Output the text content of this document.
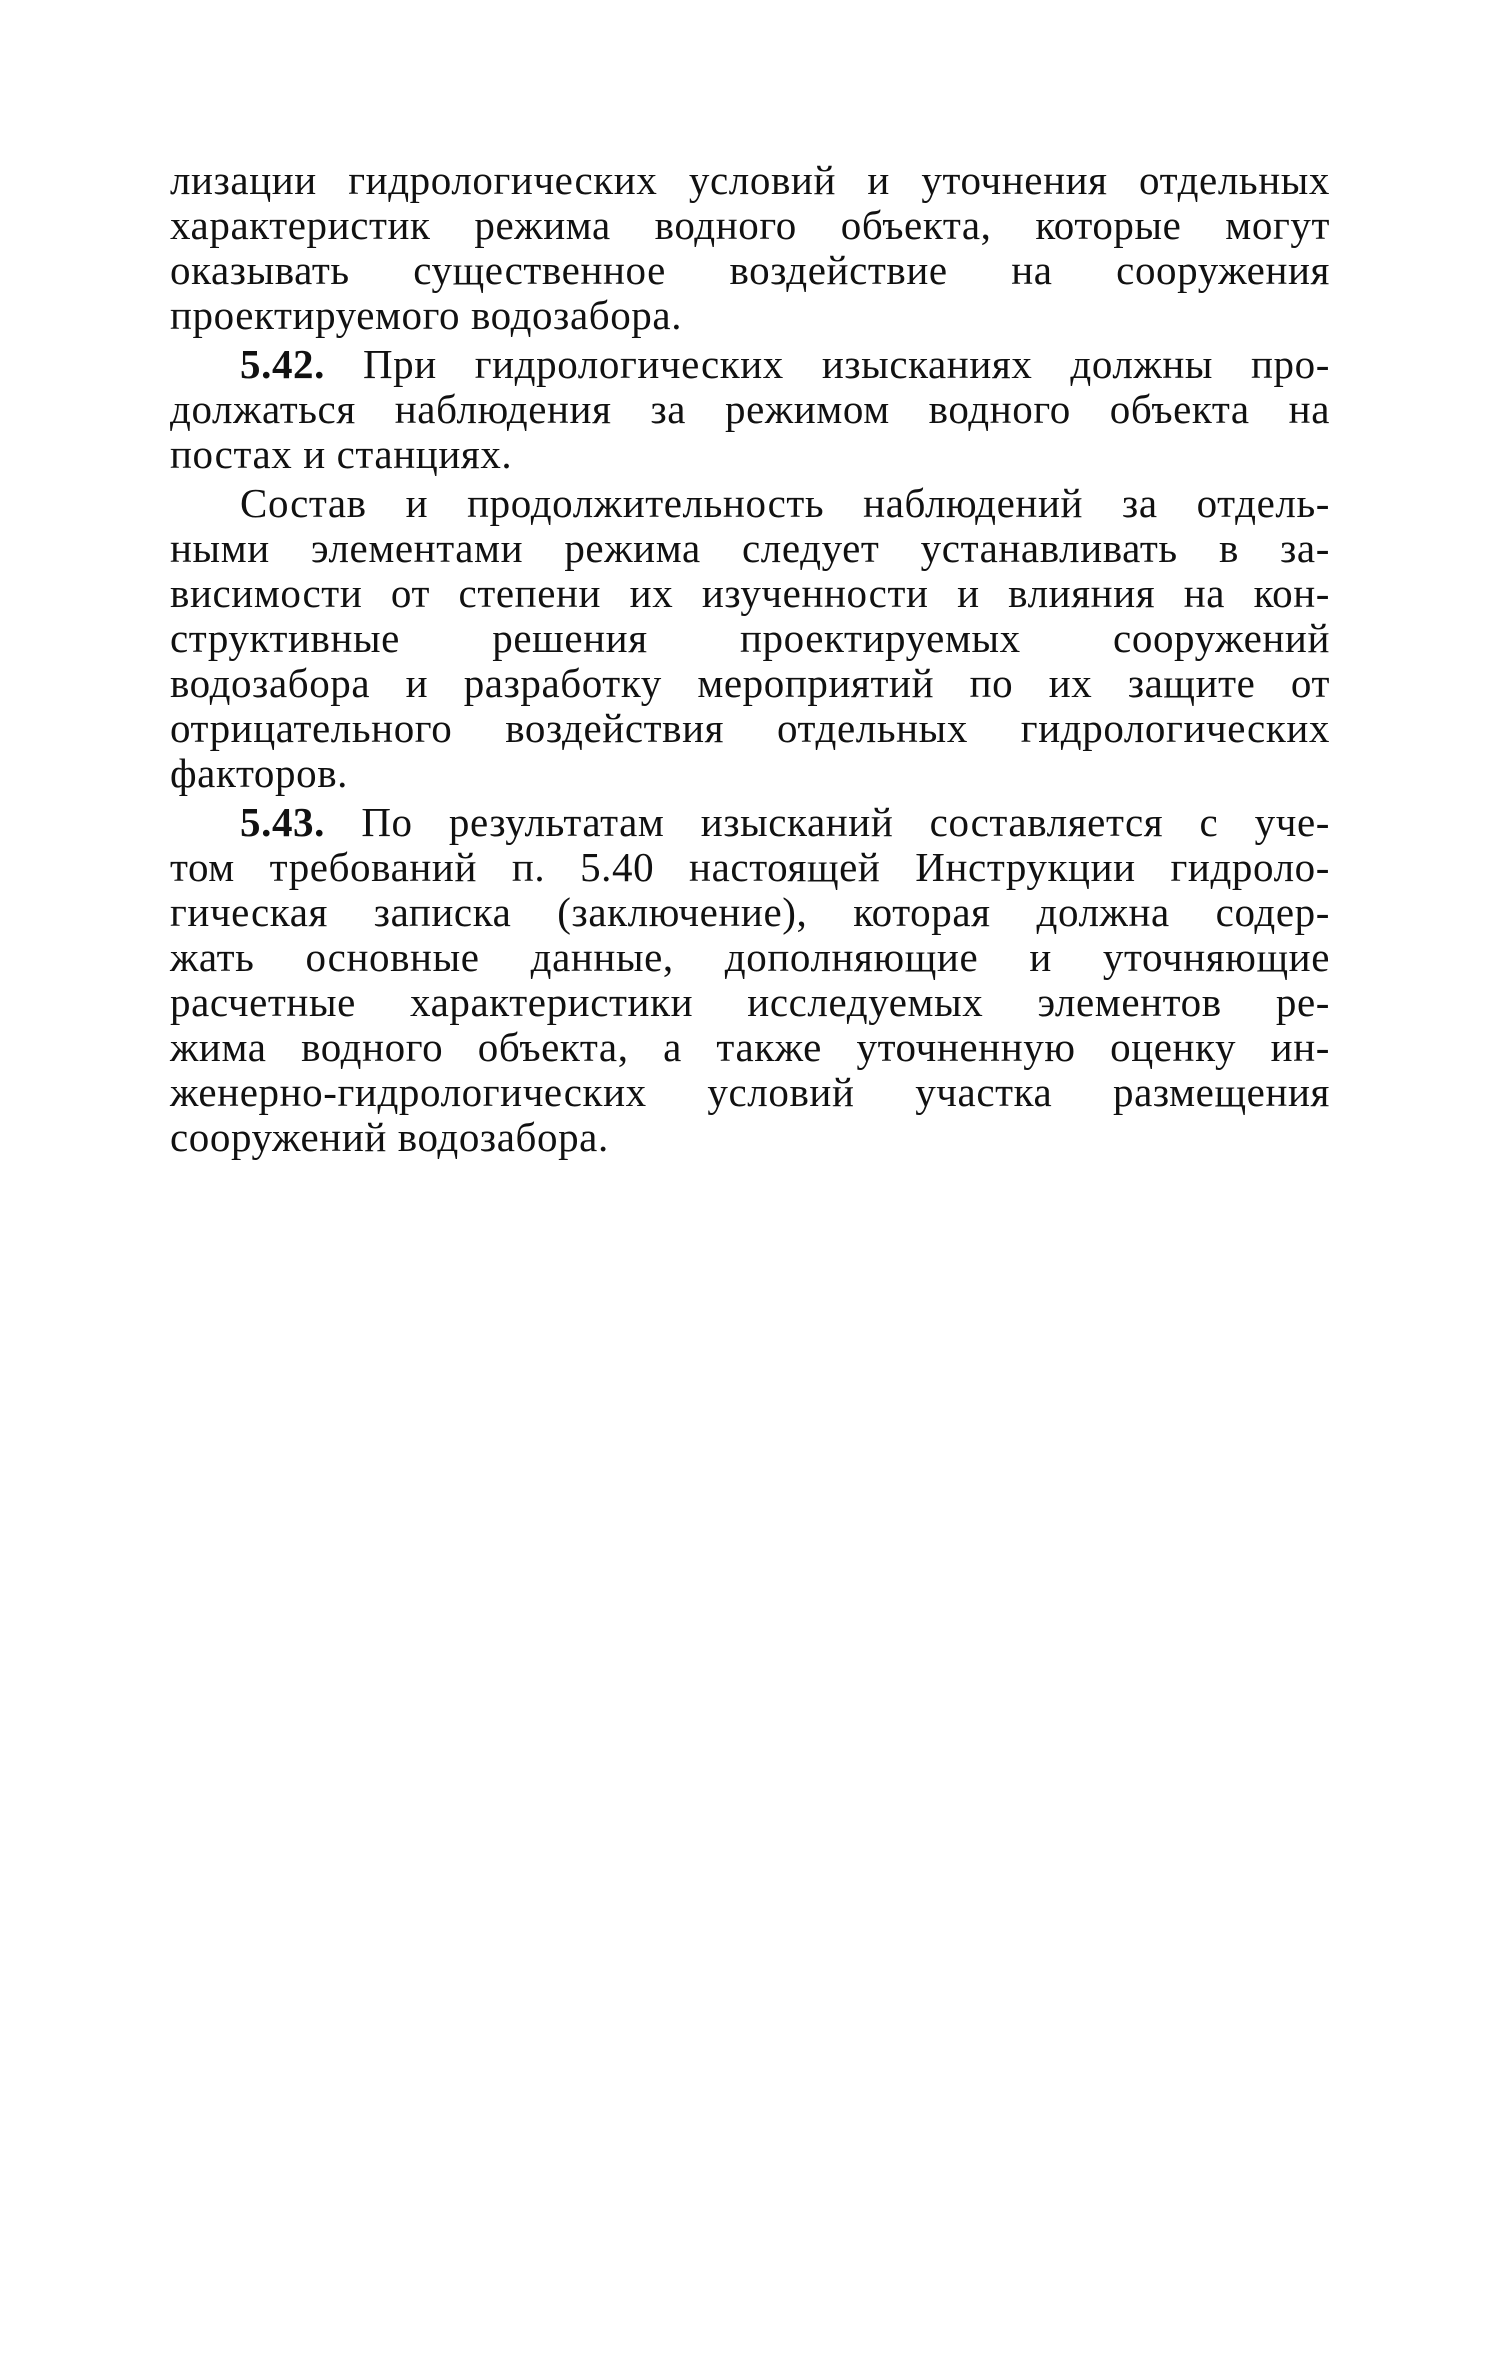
лизации гидрологических условий и уточнения отдельных
характеристик режима водного объекта, которые могут
оказывать существенное воздействие на сооружения
проектируемого водозабора.
5.42. При гидрологических изысканиях должны про-
должаться наблюдения за режимом водного объекта на
постах и станциях.
Состав и продолжительность наблюдений за отдель-
ными элементами режима следует устанавливать в за-
висимости от степени их изученности и влияния на кон-
структивные решения проектируемых сооружений
водозабора и разработку мероприятий по их защите от
отрицательного воздействия отдельных гидрологических
факторов.
5.43. По результатам изысканий составляется с уче-
том требований п. 5.40 настоящей Инструкции гидроло-
гическая записка (заключение), которая должна содер-
жать основные данные, дополняющие и уточняющие
расчетные характеристики исследуемых элементов ре-
жима водного объекта, а также уточненную оценку ин-
женерно-гидрологических условий участка размещения
сооружений водозабора.
